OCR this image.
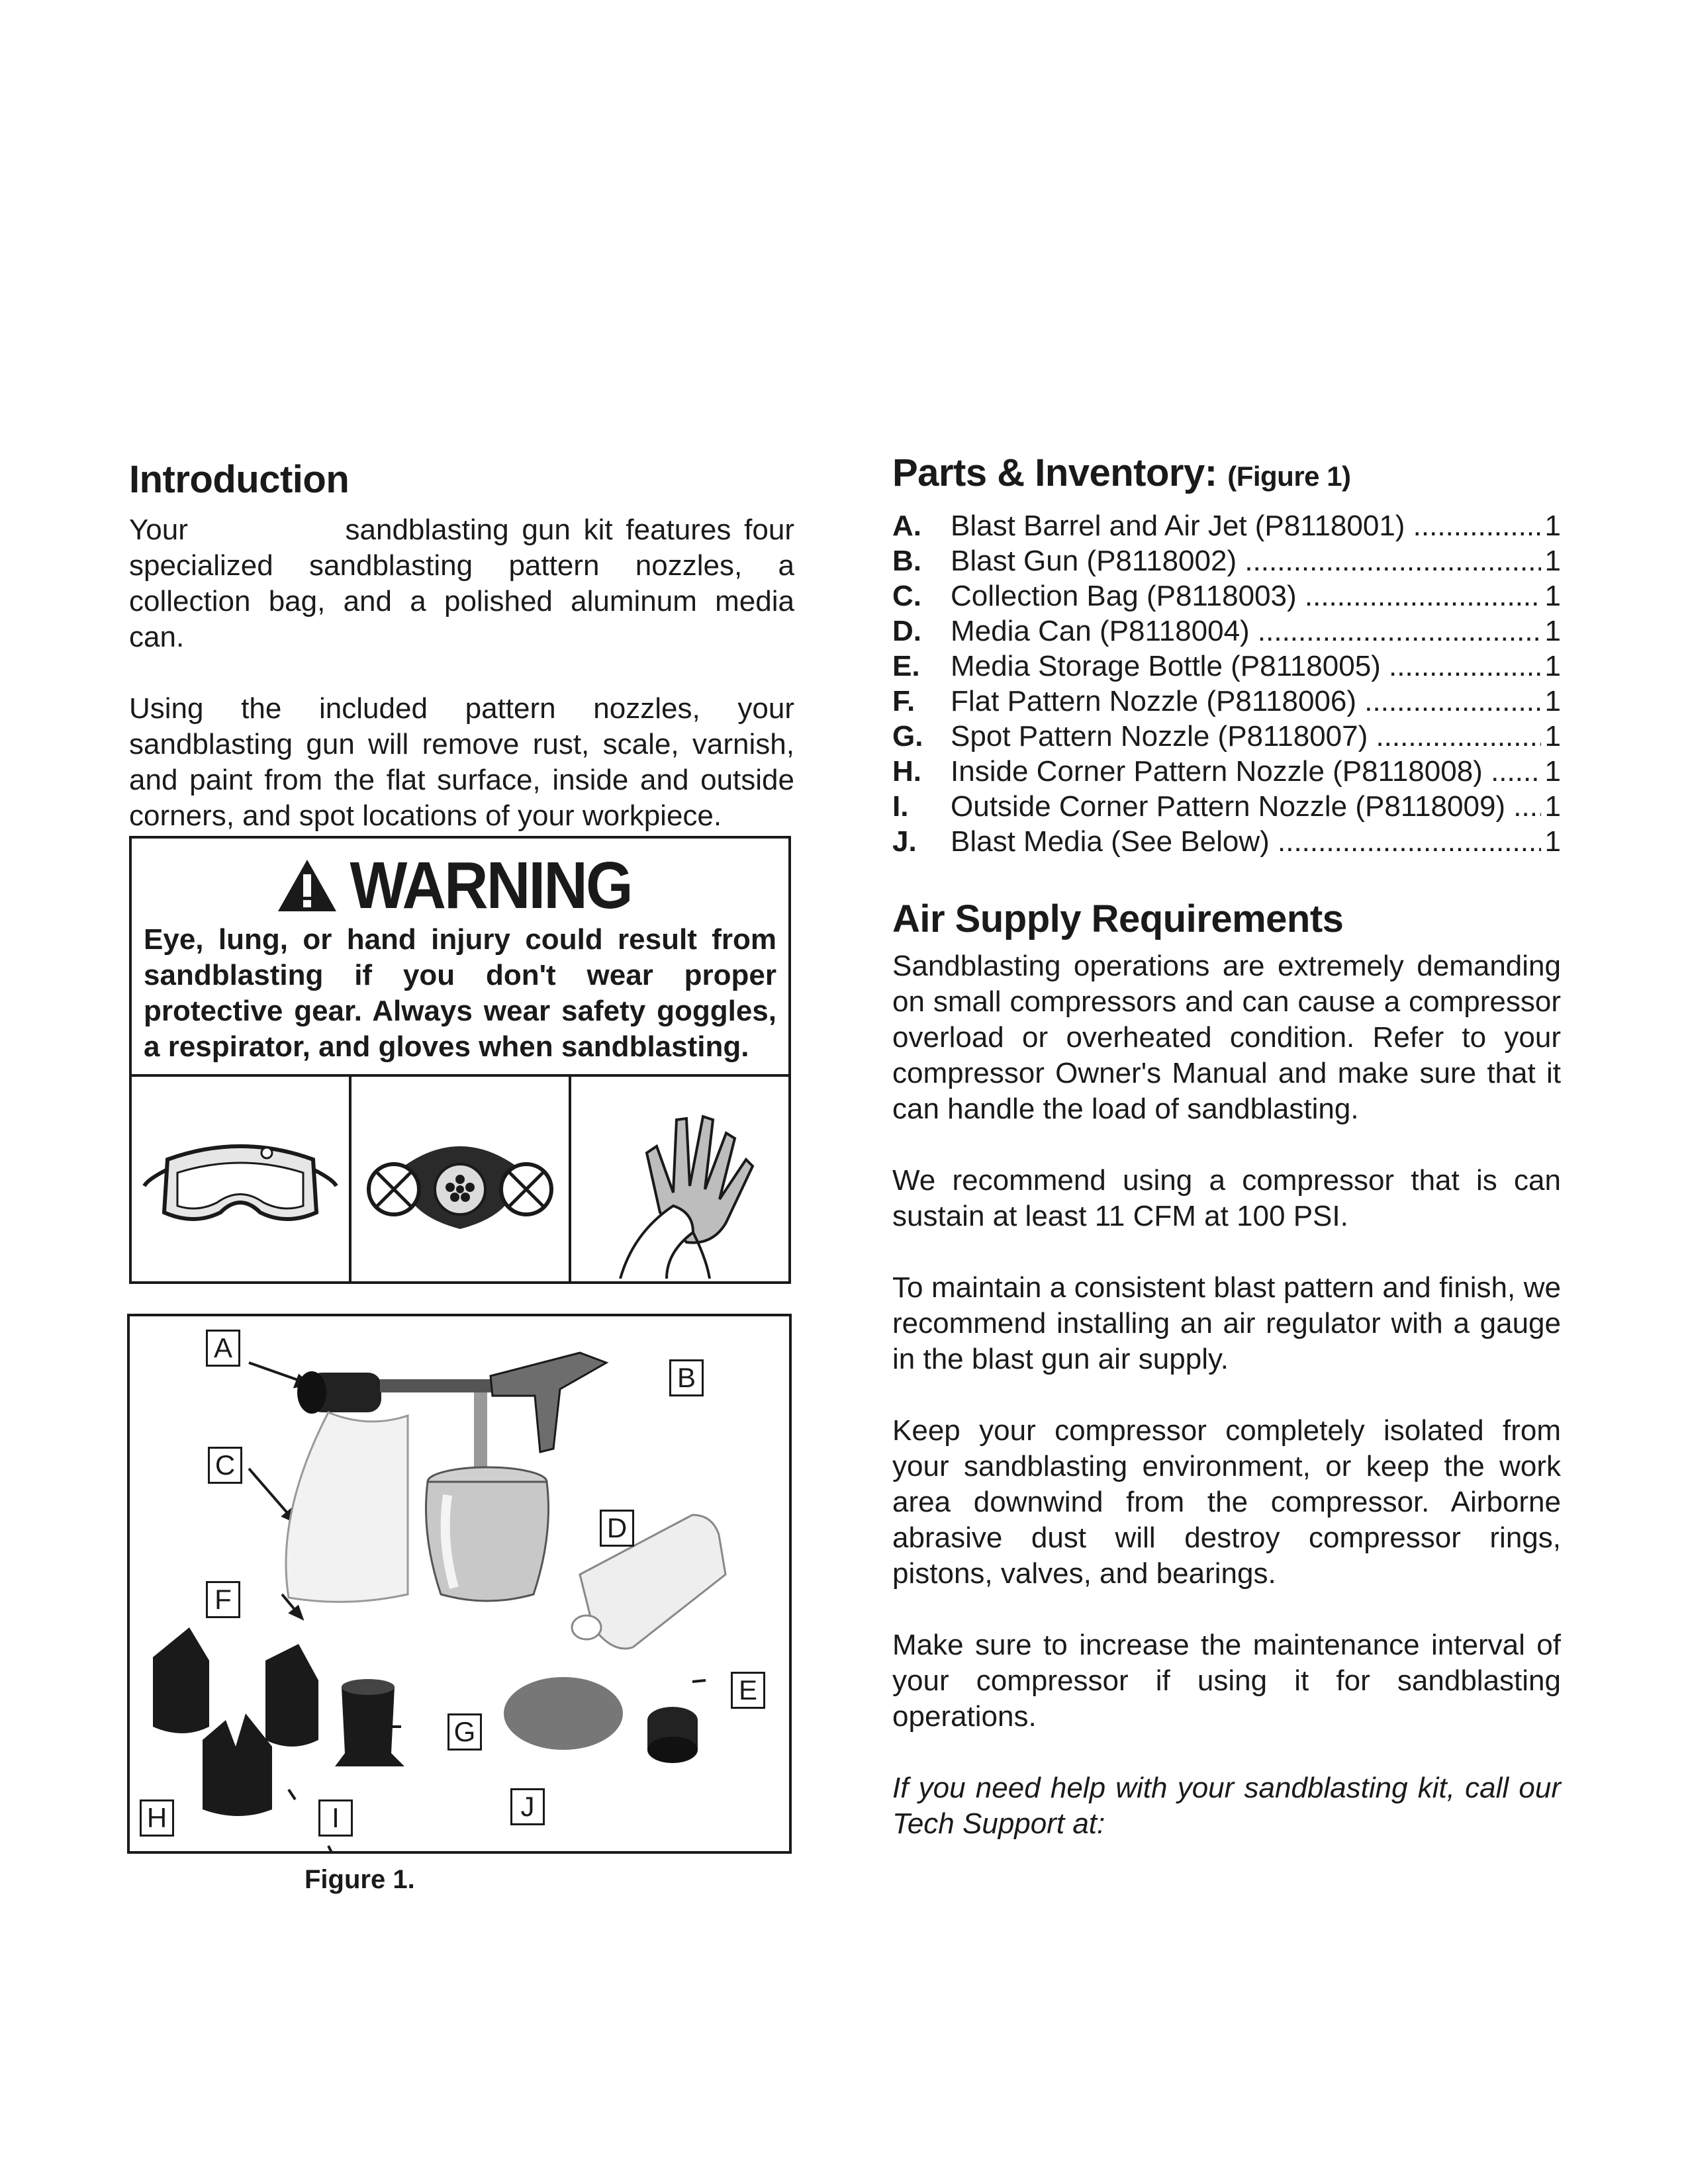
Introduction

Your            sandblasting gun kit features four specialized sandblasting pattern nozzles, a collection bag, and a polished aluminum media can.

Using the included pattern nozzles, your sandblasting gun will remove rust, scale, varnish, and paint from the flat surface, inside and outside corners, and spot locations of your workpiece.

WARNING
Eye, lung, or hand injury could result from sandblasting if you don't wear proper protective gear. Always wear safety goggles, a respirator, and gloves when sandblasting.
A
B
C
D
E
F
G
H	I	J
Figure 1.
Parts & Inventory: (Figure 1)
A.	Blast Barrel and Air Jet (P8118001) .....	1
B.	Blast Gun (P8118002) .....	1
C.	Collection Bag (P8118003) .....	1
D.	Media Can (P8118004) .....	1
E.	Media Storage Bottle (P8118005) .....	1
F.	Flat Pattern Nozzle (P8118006) .....	1
G. Spot Pattern Nozzle (P8118007) .....	1
H.	Inside Corner Pattern Nozzle (P8118008) .....	1
I.	Outside Corner Pattern Nozzle (P8118009) .....	1
J.	Blast Media (See Below) .....	1
Air Supply Requirements

Sandblasting operations are extremely demanding on small compressors and can cause a compressor overload or overheated condition. Refer to your compressor Owner's Manual and make sure that it can handle the load of sandblasting.

We recommend using a compressor that is can sustain at least 11 CFM at 100 PSI.

To maintain a consistent blast pattern and finish, we recommend installing an air regulator with a gauge in the blast gun air supply.

Keep your compressor completely isolated from your sandblasting environment, or keep the work area downwind from the compressor. Airborne abrasive dust will destroy compressor rings, pistons, valves, and bearings.

Make sure to increase the maintenance interval of your compressor if using it for sandblasting operations.

If you need help with your sandblasting kit, call our Tech Support at:
